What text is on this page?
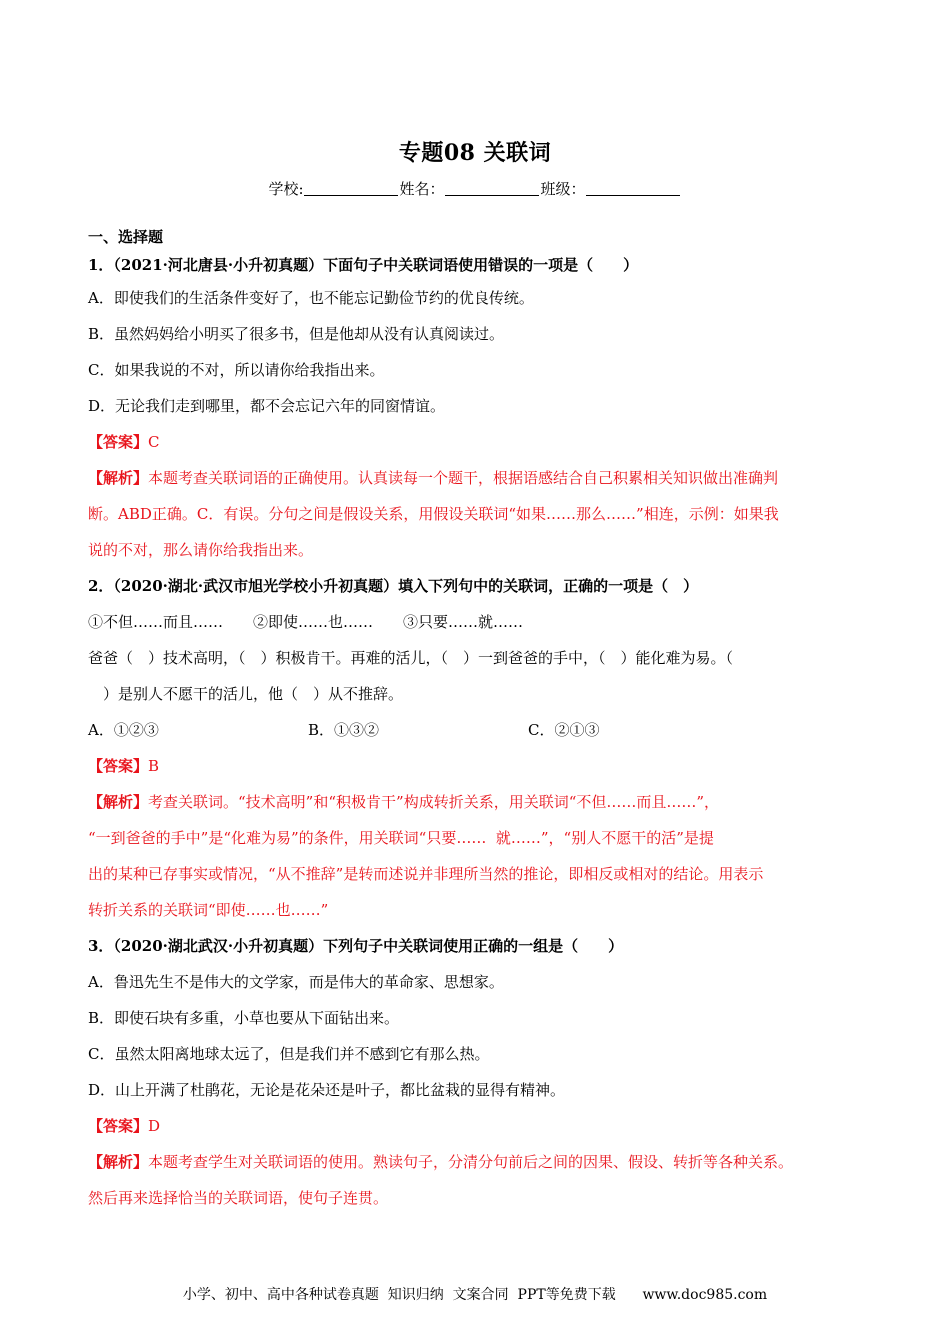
专题08 关联词
学校:	姓名：	班级：
一、选择题
1．（2021·河北唐县·小升初真题）下面句子中关联词语使用错误的一项是（　　）
A．即使我们的生活条件变好了，也不能忘记勤俭节约的优良传统。
B．虽然妈妈给小明买了很多书，但是他却从没有认真阅读过。
C．如果我说的不对，所以请你给我指出来。
D．无论我们走到哪里，都不会忘记六年的同窗情谊。
【答案】C
【解析】本题考查关联词语的正确使用。认真读每一个题干，根据语感结合自己积累相关知识做出准确判
断。ABD正确。C．有误。分句之间是假设关系，用假设关联词“如果……那么……”相连，示例：如果我
说的不对，那么请你给我指出来。
2．（2020·湖北·武汉市旭光学校小升初真题）填入下列句中的关联词，正确的一项是（　）
①不但……而且……　　②即使……也……　　③只要……就……
爸爸（　）技术高明，（　）积极肯干。再难的活儿，（　）一到爸爸的手中，（　）能化难为易。（
　）是别人不愿干的活儿，他（　）从不推辞。
A．①②③	B．①③②	C．②①③
【答案】B
【解析】考查关联词。“技术高明”和“积极肯干”构成转折关系，用关联词“不但……而且……”，
“一到爸爸的手中”是“化难为易”的条件，用关联词“只要……  就……”，“别人不愿干的活”是提
出的某种已存事实或情况，“从不推辞”是转而述说并非理所当然的推论，即相反或相对的结论。用表示
转折关系的关联词“即使……也……”
3．（2020·湖北武汉·小升初真题）下列句子中关联词使用正确的一组是（　　）
A．鲁迅先生不是伟大的文学家，而是伟大的革命家、思想家。
B．即使石块有多重，小草也要从下面钻出来。
C．虽然太阳离地球太远了，但是我们并不感到它有那么热。
D．山上开满了杜鹃花，无论是花朵还是叶子，都比盆栽的显得有精神。
【答案】D
【解析】本题考查学生对关联词语的使用。熟读句子，分清分句前后之间的因果、假设、转折等各种关系。
然后再来选择恰当的关联词语，使句子连贯。
小学、初中、高中各种试卷真题  知识归纳  文案合同  PPT等免费下载      www.doc985.com
